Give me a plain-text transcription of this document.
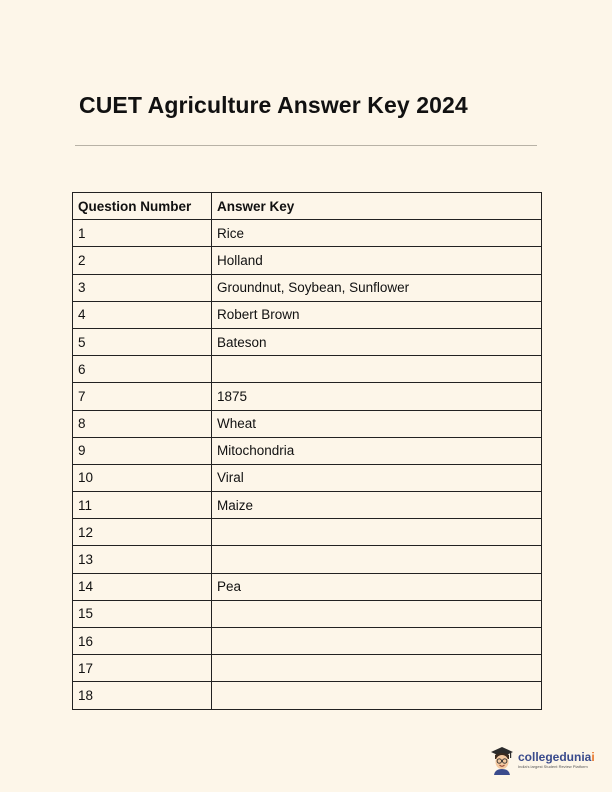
CUET Agriculture Answer Key 2024
Question Number	Answer Key
1	Rice
2	Holland
3	Groundnut, Soybean, Sunflower
4	Robert Brown
5	Bateson
6	
7	1875
8	Wheat
9	Mitochondria
10	Viral
11	Maize
12	
13	
14	Pea
15	
16	
17	
18	
collegeduniai
India's largest Student Review Platform
